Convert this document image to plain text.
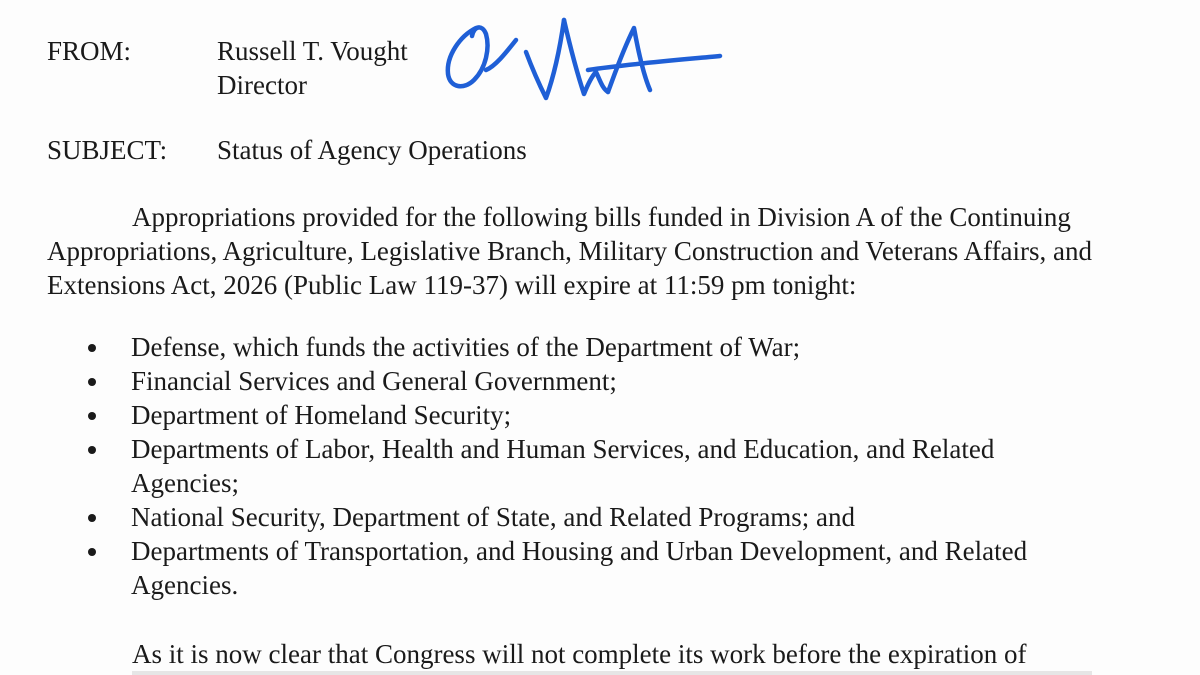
FROM:	Russell T. Vought
Director
SUBJECT: Status of Agency Operations
Appropriations provided for the following bills funded in Division A of the Continuing Appropriations, Agriculture, Legislative Branch, Military Construction and Veterans Affairs, and Extensions Act, 2026 (Public Law 119-37) will expire at 11:59 pm tonight:
Defense, which funds the activities of the Department of War;
Financial Services and General Government;
Department of Homeland Security;
Departments of Labor, Health and Human Services, and Education, and Related Agencies;
National Security, Department of State, and Related Programs; and
Departments of Transportation, and Housing and Urban Development, and Related Agencies.
As it is now clear that Congress will not complete its work before the expiration of
